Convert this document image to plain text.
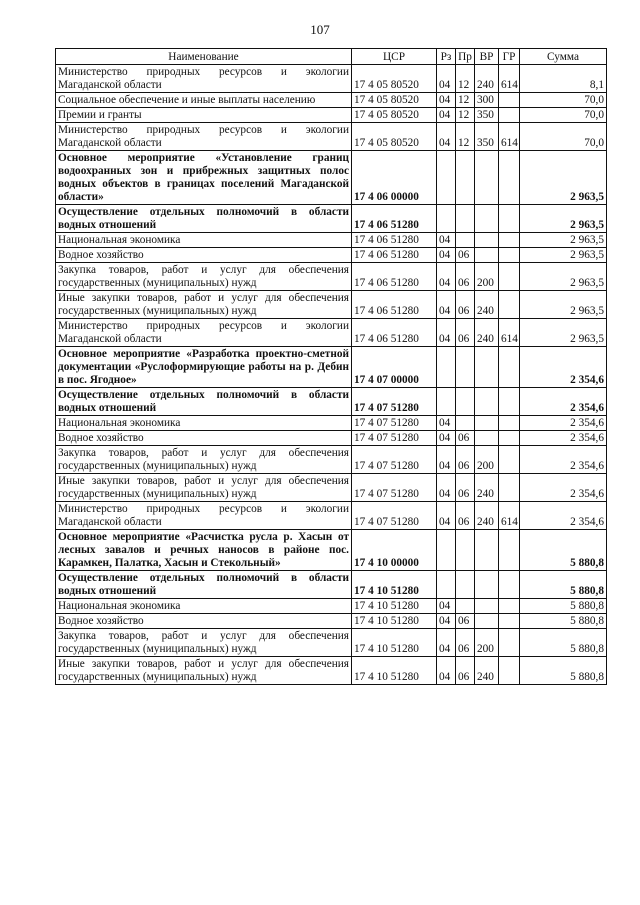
107
Наименование	ЦСР	Рз	Пр	ВР	ГР	Сумма
Министерство природных ресурсов и экологии Магаданской области	17 4 05 80520	04	12	240	614	8,1
Социальное обеспечение и иные выплаты населению	17 4 05 80520	04	12	300		70,0
Премии и гранты	17 4 05 80520	04	12	350		70,0
Министерство природных ресурсов и экологии Магаданской области	17 4 05 80520	04	12	350	614	70,0
Основное мероприятие «Установление границ водоохранных зон и прибрежных защитных полос водных объектов в границах поселений Магаданской области»	17 4 06 00000					2 963,5
Осуществление отдельных полномочий в области водных отношений	17 4 06 51280					2 963,5
Национальная экономика	17 4 06 51280	04				2 963,5
Водное хозяйство	17 4 06 51280	04	06			2 963,5
Закупка товаров, работ и услуг для обеспечения государственных (муниципальных) нужд	17 4 06 51280	04	06	200		2 963,5
Иные закупки товаров, работ и услуг для обеспечения государственных (муниципальных) нужд	17 4 06 51280	04	06	240		2 963,5
Министерство природных ресурсов и экологии Магаданской области	17 4 06 51280	04	06	240	614	2 963,5
Основное мероприятие «Разработка проектно-сметной документации «Руслоформирующие работы на р. Дебин в пос. Ягодное»	17 4 07 00000					2 354,6
Осуществление отдельных полномочий в области водных отношений	17 4 07 51280					2 354,6
Национальная экономика	17 4 07 51280	04				2 354,6
Водное хозяйство	17 4 07 51280	04	06			2 354,6
Закупка товаров, работ и услуг для обеспечения государственных (муниципальных) нужд	17 4 07 51280	04	06	200		2 354,6
Иные закупки товаров, работ и услуг для обеспечения государственных (муниципальных) нужд	17 4 07 51280	04	06	240		2 354,6
Министерство природных ресурсов и экологии Магаданской области	17 4 07 51280	04	06	240	614	2 354,6
Основное мероприятие «Расчистка русла р. Хасын от лесных завалов и речных наносов в районе пос. Карамкен, Палатка, Хасын и Стекольный»	17 4 10 00000					5 880,8
Осуществление отдельных полномочий в области водных отношений	17 4 10 51280					5 880,8
Национальная экономика	17 4 10 51280	04				5 880,8
Водное хозяйство	17 4 10 51280	04	06			5 880,8
Закупка товаров, работ и услуг для обеспечения государственных (муниципальных) нужд	17 4 10 51280	04	06	200		5 880,8
Иные закупки товаров, работ и услуг для обеспечения государственных (муниципальных) нужд	17 4 10 51280	04	06	240		5 880,8
